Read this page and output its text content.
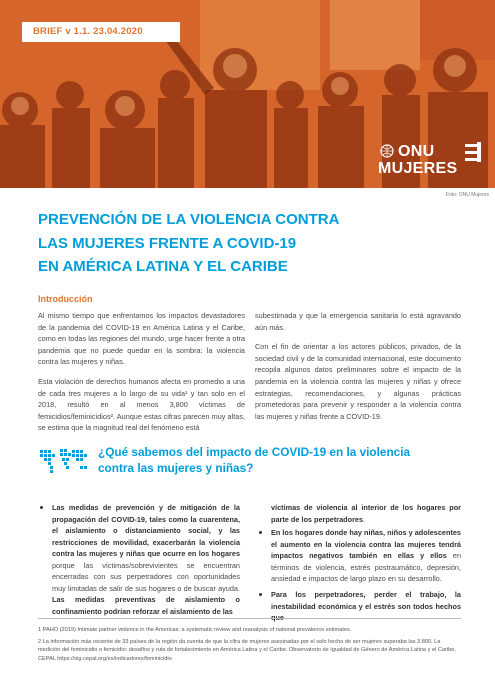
BRIEF v 1.1. 23.04.2020
ONU
MUJERES
Foto: ONU Mujeres
PREVENCIÓN DE LA VIOLENCIA CONTRA
LAS MUJERES FRENTE A COVID-19
EN AMÉRICA LATINA Y EL CARIBE
Introducción

Al mismo tiempo que enfrentamos los impactos devastadores de la pandemia del COVID-19 en América Latina y el Caribe, como en todas las regiones del mundo, urge hacer frente a otra pandemia que no puede quedar en la sombra: la violencia contra las mujeres y niñas.

Esta violación de derechos humanos afecta en promedio a una de cada tres mujeres a lo largo de su vida¹ y tan solo en el 2018, resultó en al menos 3,800 víctimas de femicidios/feminicidios². Aunque estas cifras parecen muy altas, se estima que la magnitud real del fenómeno está

subestimada y que la emergencia sanitaria lo está agravando aún más.

Con el fin de orientar a los actores públicos, privados, de la sociedad civil y de la comunidad internacional, este documento recopila algunos datos preliminares sobre el impacto de la pandemia en la violencia contra las mujeres y niñas y ofrece estrategias, recomendaciones, y algunas prácticas prometedoras para prevenir y responder a la violencia contra las mujeres y niñas frente a COVID-19.

¿Qué sabemos del impacto de COVID-19 en la violencia
contra las mujeres y niñas?
Las medidas de prevención y de mitigación de la propagación del COVID-19, tales como la cuarentena, el aislamiento o distanciamiento social, y las restricciones de movilidad, exacerbarán la violencia contra las mujeres y niñas que ocurre en los hogares porque las víctimas/sobrevivientes se encuentran encerradas con sus perpetradores con oportunidades muy limitadas de salir de sus hogares o de buscar ayuda. Las medidas preventivas de aislamiento o confinamiento podrían reforzar el aislamiento de las
víctimas de violencia al interior de los hogares por parte de los perpetradores.
En los hogares donde hay niñas, niños y adolescentes el aumento en la violencia contra las mujeres tendrá impactos negativos también en ellas y ellos en términos de violencia, estrés postraumático, depresión, ansiedad e impactos de largo plazo en su desarrollo.
Para los perpetradores, perder el trabajo, la inestabilidad económica y el estrés son todos hechos que
1 PAHO (2019) Intimate partner violence in the Americas: a systematic review and reanalysis of national prevalence estimates.
2 La información más reciente de 33 países de la región da cuenta de que la cifra de mujeres asesinadas por el solo hecho de ser mujeres superaba las 3.800. La medición del feminicidio o femicidio: desafíos y ruta de fortalecimiento en América Latina y el Caribe. Observatorio de Igualdad de Género de América Latina y el Caribe, CEPAL https://oig.cepal.org/es/indicadores/feminicidio
